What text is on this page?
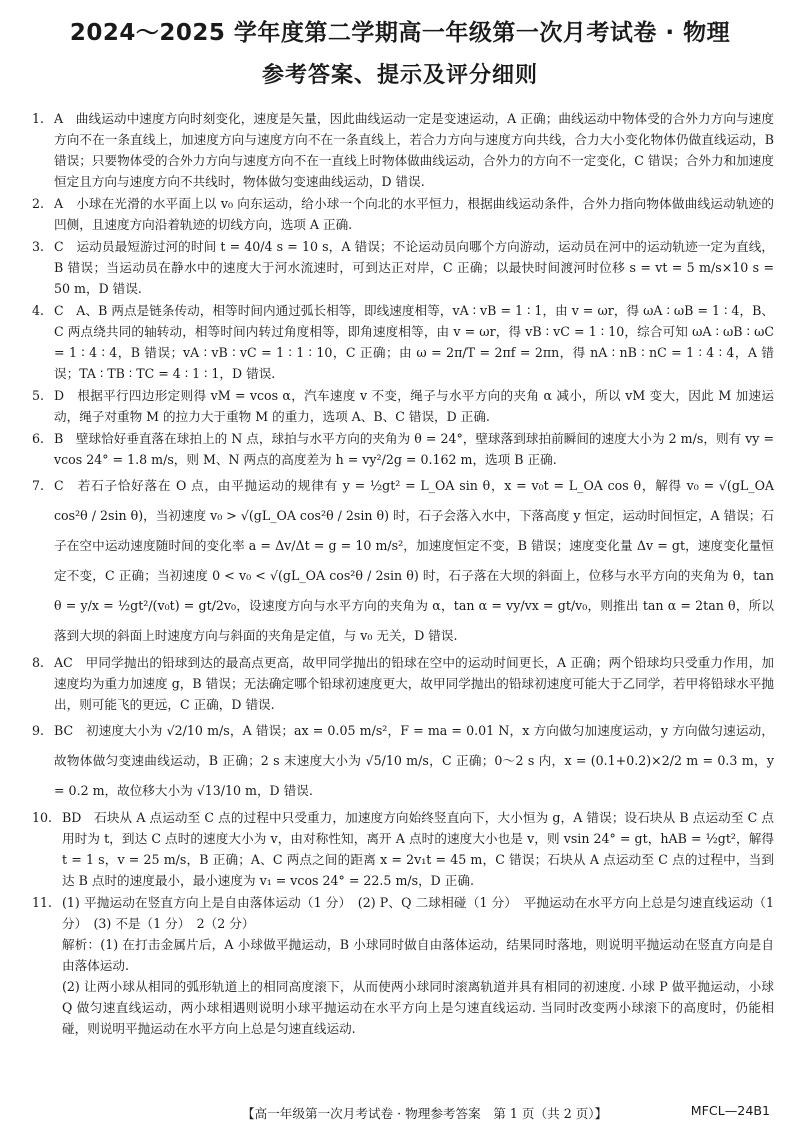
2024～2025 学年度第二学期高一年级第一次月考试卷 · 物理
参考答案、提示及评分细则
1. A　曲线运动中速度方向时刻变化，速度是矢量，因此曲线运动一定是变速运动，A 正确；曲线运动中物体受的合外力方向与速度方向不在一条直线上，加速度方向与速度方向不在一条直线上，若合力方向与速度方向共线，合力大小变化物体仍做直线运动，B 错误；只要物体受的合外力方向与速度方向不在一直线上时物体做曲线运动，合外力的方向不一定变化，C 错误；合外力和加速度恒定且方向与速度方向不共线时，物体做匀变速曲线运动，D 错误.

2. A　小球在光滑的水平面上以 v₀ 向东运动，给小球一个向北的水平恒力，根据曲线运动条件，合外力指向物体做曲线运动轨迹的凹侧，且速度方向沿着轨迹的切线方向，选项 A 正确.

3. C　运动员最短游过河的时间 t = 40/4 s = 10 s，A 错误；不论运动员向哪个方向游动，运动员在河中的运动轨迹一定为直线，B 错误；当运动员在静水中的速度大于河水流速时，可到达正对岸，C 正确；以最快时间渡河时位移 s = vt = 5 m/s×10 s = 50 m，D 错误.

4. C　A、B 两点是链条传动，相等时间内通过弧长相等，即线速度相等，vA ∶ vB = 1 ∶ 1，由 v = ωr，得 ωA ∶ ωB = 1 ∶ 4，B、C 两点绕共同的轴转动，相等时间内转过角度相等，即角速度相等，由 v = ωr，得 vB ∶ vC = 1 ∶ 10，综合可知 ωA ∶ ωB ∶ ωC = 1 ∶ 4 ∶ 4，B 错误；vA ∶ vB ∶ vC = 1 ∶ 1 ∶ 10，C 正确；由 ω = 2π/T = 2πf = 2πn，得 nA ∶ nB ∶ nC = 1 ∶ 4 ∶ 4，A 错误；TA ∶ TB ∶ TC = 4 ∶ 1 ∶ 1，D 错误.

5. D　根据平行四边形定则得 vM = vcos α，汽车速度 v 不变，绳子与水平方向的夹角 α 减小，所以 vM 变大，因此 M 加速运动，绳子对重物 M 的拉力大于重物 M 的重力，选项 A、B、C 错误，D 正确.

6. B　壁球恰好垂直落在球拍上的 N 点，球拍与水平方向的夹角为 θ = 24°，壁球落到球拍前瞬间的速度大小为 2 m/s，则有 vy = vcos 24° = 1.8 m/s，则 M、N 两点的高度差为 h = vy²/2g = 0.162 m，选项 B 正确.

7. C　若石子恰好落在 O 点，由平抛运动的规律有 y = ½gt² = L_OA sin θ，x = v₀t = L_OA cos θ，解得 v₀ = √(gL_OA cos²θ / 2sin θ)，当初速度 v₀ > √(gL_OA cos²θ / 2sin θ) 时，石子会落入水中，下落高度 y 恒定，运动时间恒定，A 错误；石子在空中运动速度随时间的变化率 a = Δv/Δt = g = 10 m/s²，加速度恒定不变，B 错误；速度变化量 Δv = gt，速度变化量恒定不变，C 正确；当初速度 0 < v₀ < √(gL_OA cos²θ / 2sin θ) 时，石子落在大坝的斜面上，位移与水平方向的夹角为 θ，tan θ = y/x = ½gt²/(v₀t) = gt/2v₀，设速度方向与水平方向的夹角为 α，tan α = vy/vx = gt/v₀，则推出 tan α = 2tan θ，所以落到大坝的斜面上时速度方向与斜面的夹角是定值，与 v₀ 无关，D 错误.

8. AC　甲同学抛出的铅球到达的最高点更高，故甲同学抛出的铅球在空中的运动时间更长，A 正确；两个铅球均只受重力作用，加速度均为重力加速度 g，B 错误；无法确定哪个铅球初速度更大，故甲同学抛出的铅球初速度可能大于乙同学，若甲将铅球水平抛出，则可能飞的更远，C 正确，D 错误.

9. BC　初速度大小为 √2/10 m/s，A 错误；ax = 0.05 m/s²，F = ma = 0.01 N，x 方向做匀加速度运动，y 方向做匀速运动，故物体做匀变速曲线运动，B 正确；2 s 末速度大小为 √5/10 m/s，C 正确；0～2 s 内，x = (0.1+0.2)×2/2 m = 0.3 m，y = 0.2 m，故位移大小为 √13/10 m，D 错误.

10. BD　石块从 A 点运动至 C 点的过程中只受重力，加速度方向始终竖直向下，大小恒为 g，A 错误；设石块从 B 点运动至 C 点用时为 t，到达 C 点时的速度大小为 v，由对称性知，离开 A 点时的速度大小也是 v，则 vsin 24° = gt，hAB = ½gt²，解得 t = 1 s，v = 25 m/s，B 正确；A、C 两点之间的距离 x = 2v₁t = 45 m，C 错误；石块从 A 点运动至 C 点的过程中，当到达 B 点时的速度最小，最小速度为 v₁ = vcos 24° = 22.5 m/s，D 正确.

11. (1) 平抛运动在竖直方向上是自由落体运动（1 分）　(2) P、Q 二球相碰（1 分）　平抛运动在水平方向上总是匀速直线运动（1 分）　(3) 不是（1 分）　2（2 分）

解析：(1) 在打击金属片后，A 小球做平抛运动，B 小球同时做自由落体运动，结果同时落地，则说明平抛运动在竖直方向是自由落体运动.

(2) 让两小球从相同的弧形轨道上的相同高度滚下，从而使两小球同时滚离轨道并具有相同的初速度. 小球 P 做平抛运动，小球 Q 做匀速直线运动，两小球相遇则说明小球平抛运动在水平方向上是匀速直线运动. 当同时改变两小球滚下的高度时，仍能相碰，则说明平抛运动在水平方向上总是匀速直线运动.

【高一年级第一次月考试卷 · 物理参考答案　第 1 页（共 2 页）】	MFCL—24B1
